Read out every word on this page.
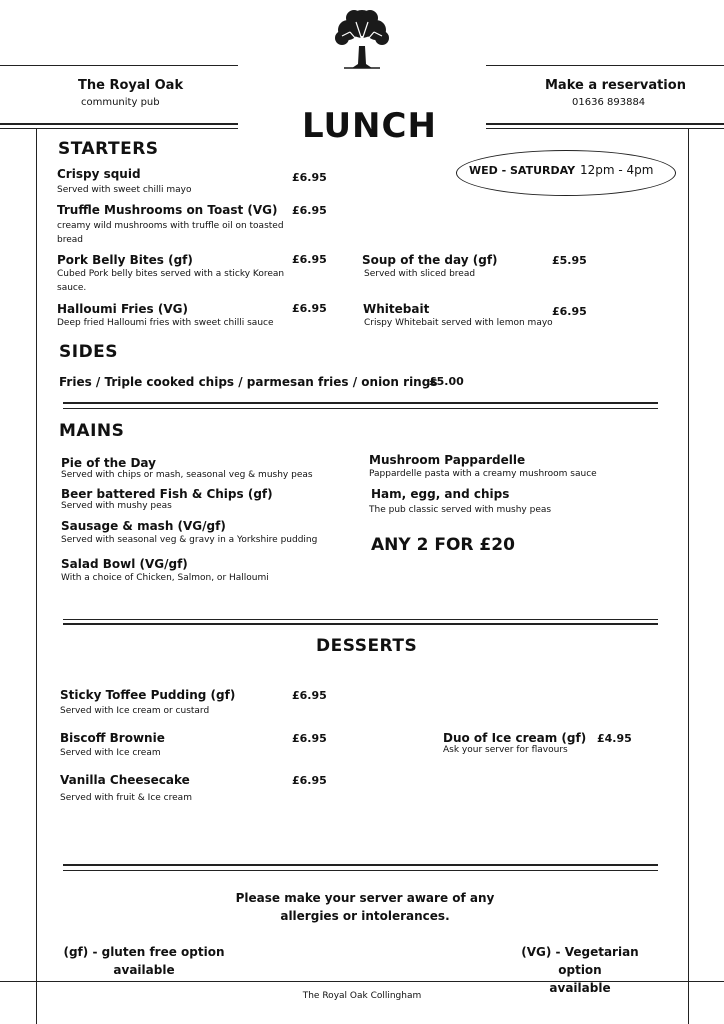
The Royal Oak
community pub
Make a reservation
01636 893884
LUNCH
WED - SATURDAY 12pm - 4pm
STARTERS
Crispy squid
Served with sweet chilli mayo
£6.95
Truffle Mushrooms on Toast (VG)
creamy wild mushrooms with truffle oil on toasted bread
£6.95
Pork Belly Bites (gf)
Cubed Pork belly bites served with a sticky Korean sauce.
£6.95
Halloumi Fries (VG)
Deep fried Halloumi fries with sweet chilli sauce
£6.95
Soup of the day (gf)
Served with sliced bread
£5.95
Whitebait
Crispy Whitebait served with lemon mayo
£6.95
SIDES
Fries / Triple cooked chips / parmesan fries / onion rings
£5.00
MAINS
Pie of the Day
Served with chips or mash, seasonal veg & mushy peas
Beer battered Fish & Chips (gf)
Served with mushy peas
Sausage & mash (VG/gf)
Served with seasonal veg & gravy in a Yorkshire pudding
Salad Bowl (VG/gf)
With a choice of Chicken, Salmon, or Halloumi
Mushroom Pappardelle
Pappardelle pasta with a creamy mushroom sauce
Ham, egg, and chips
The pub classic served with mushy peas
ANY 2 FOR £20
DESSERTS
Sticky Toffee Pudding (gf)
Served with Ice cream or custard
£6.95
Biscoff Brownie
Served with Ice cream
£6.95
Vanilla Cheesecake
Served with fruit & Ice cream
£6.95
Duo of Ice cream (gf)
Ask your server for flavours
£4.95
Please make your server aware of any
allergies or intolerances.
(gf) - gluten free option
available
(VG) - Vegetarian option
available
The Royal Oak Collingham
